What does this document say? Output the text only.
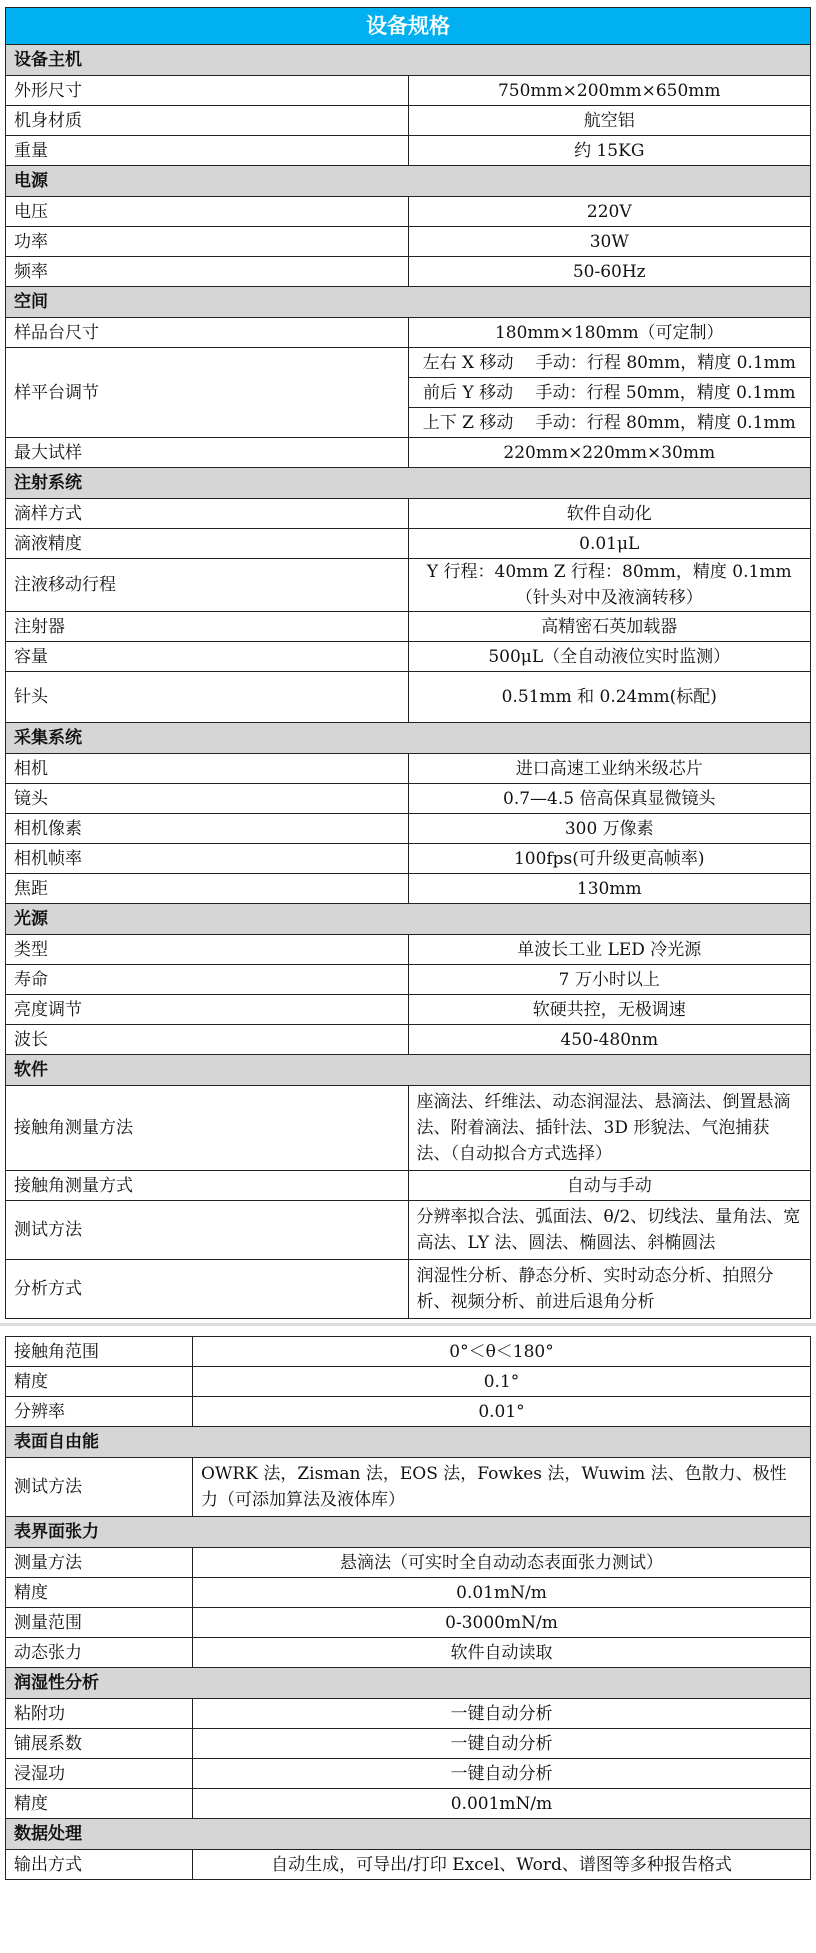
设备规格	
设备主机	
外形尺寸	750mm×200mm×650mm
机身材质	航空铝
重量	约 15KG
电源	
电压	220V
功率	30W
频率	50-60Hz
空间	
样品台尺寸	180mm×180mm（可定制）
样平台调节	左右 X 移动　 手动：行程 80mm，精度 0.1mm
	前后 Y 移动　 手动：行程 50mm，精度 0.1mm
	上下 Z 移动　 手动：行程 80mm，精度 0.1mm
最大试样	220mm×220mm×30mm
注射系统	
滴样方式	软件自动化
滴液精度	0.01μL
注液移动行程	Y 行程：40mm Z 行程：80mm，精度 0.1mm（针头对中及液滴转移）
注射器	高精密石英加载器
容量	500μL（全自动液位实时监测）
针头	0.51mm 和 0.24mm(标配)
采集系统	
相机	进口高速工业纳米级芯片
镜头	0.7—4.5 倍高保真显微镜头
相机像素	300 万像素
相机帧率	100fps(可升级更高帧率)
焦距	130mm
光源	
类型	单波长工业 LED 冷光源
寿命	7 万小时以上
亮度调节	软硬共控，无极调速
波长	450-480nm
软件	
接触角测量方法	座滴法、纤维法、动态润湿法、悬滴法、倒置悬滴法、附着滴法、插针法、3D 形貌法、气泡捕获法、（自动拟合方式选择）
接触角测量方式	自动与手动
测试方法	分辨率拟合法、弧面法、θ/2、切线法、量角法、宽高法、LY 法、圆法、椭圆法、斜椭圆法
分析方式	润湿性分析、静态分析、实时动态分析、拍照分析、视频分析、前进后退角分析
接触角范围	0°＜θ＜180°
精度	0.1°
分辨率	0.01°
表面自由能	
测试方法	OWRK 法，Zisman 法，EOS 法，Fowkes 法，Wuwim 法、色散力、极性力（可添加算法及液体库）
表界面张力	
测量方法	悬滴法（可实时全自动动态表面张力测试）
精度	0.01mN/m
测量范围	0-3000mN/m
动态张力	软件自动读取
润湿性分析	
粘附功	一键自动分析
铺展系数	一键自动分析
浸湿功	一键自动分析
精度	0.001mN/m
数据处理	
输出方式	自动生成，可导出/打印 Excel、Word、谱图等多种报告格式
